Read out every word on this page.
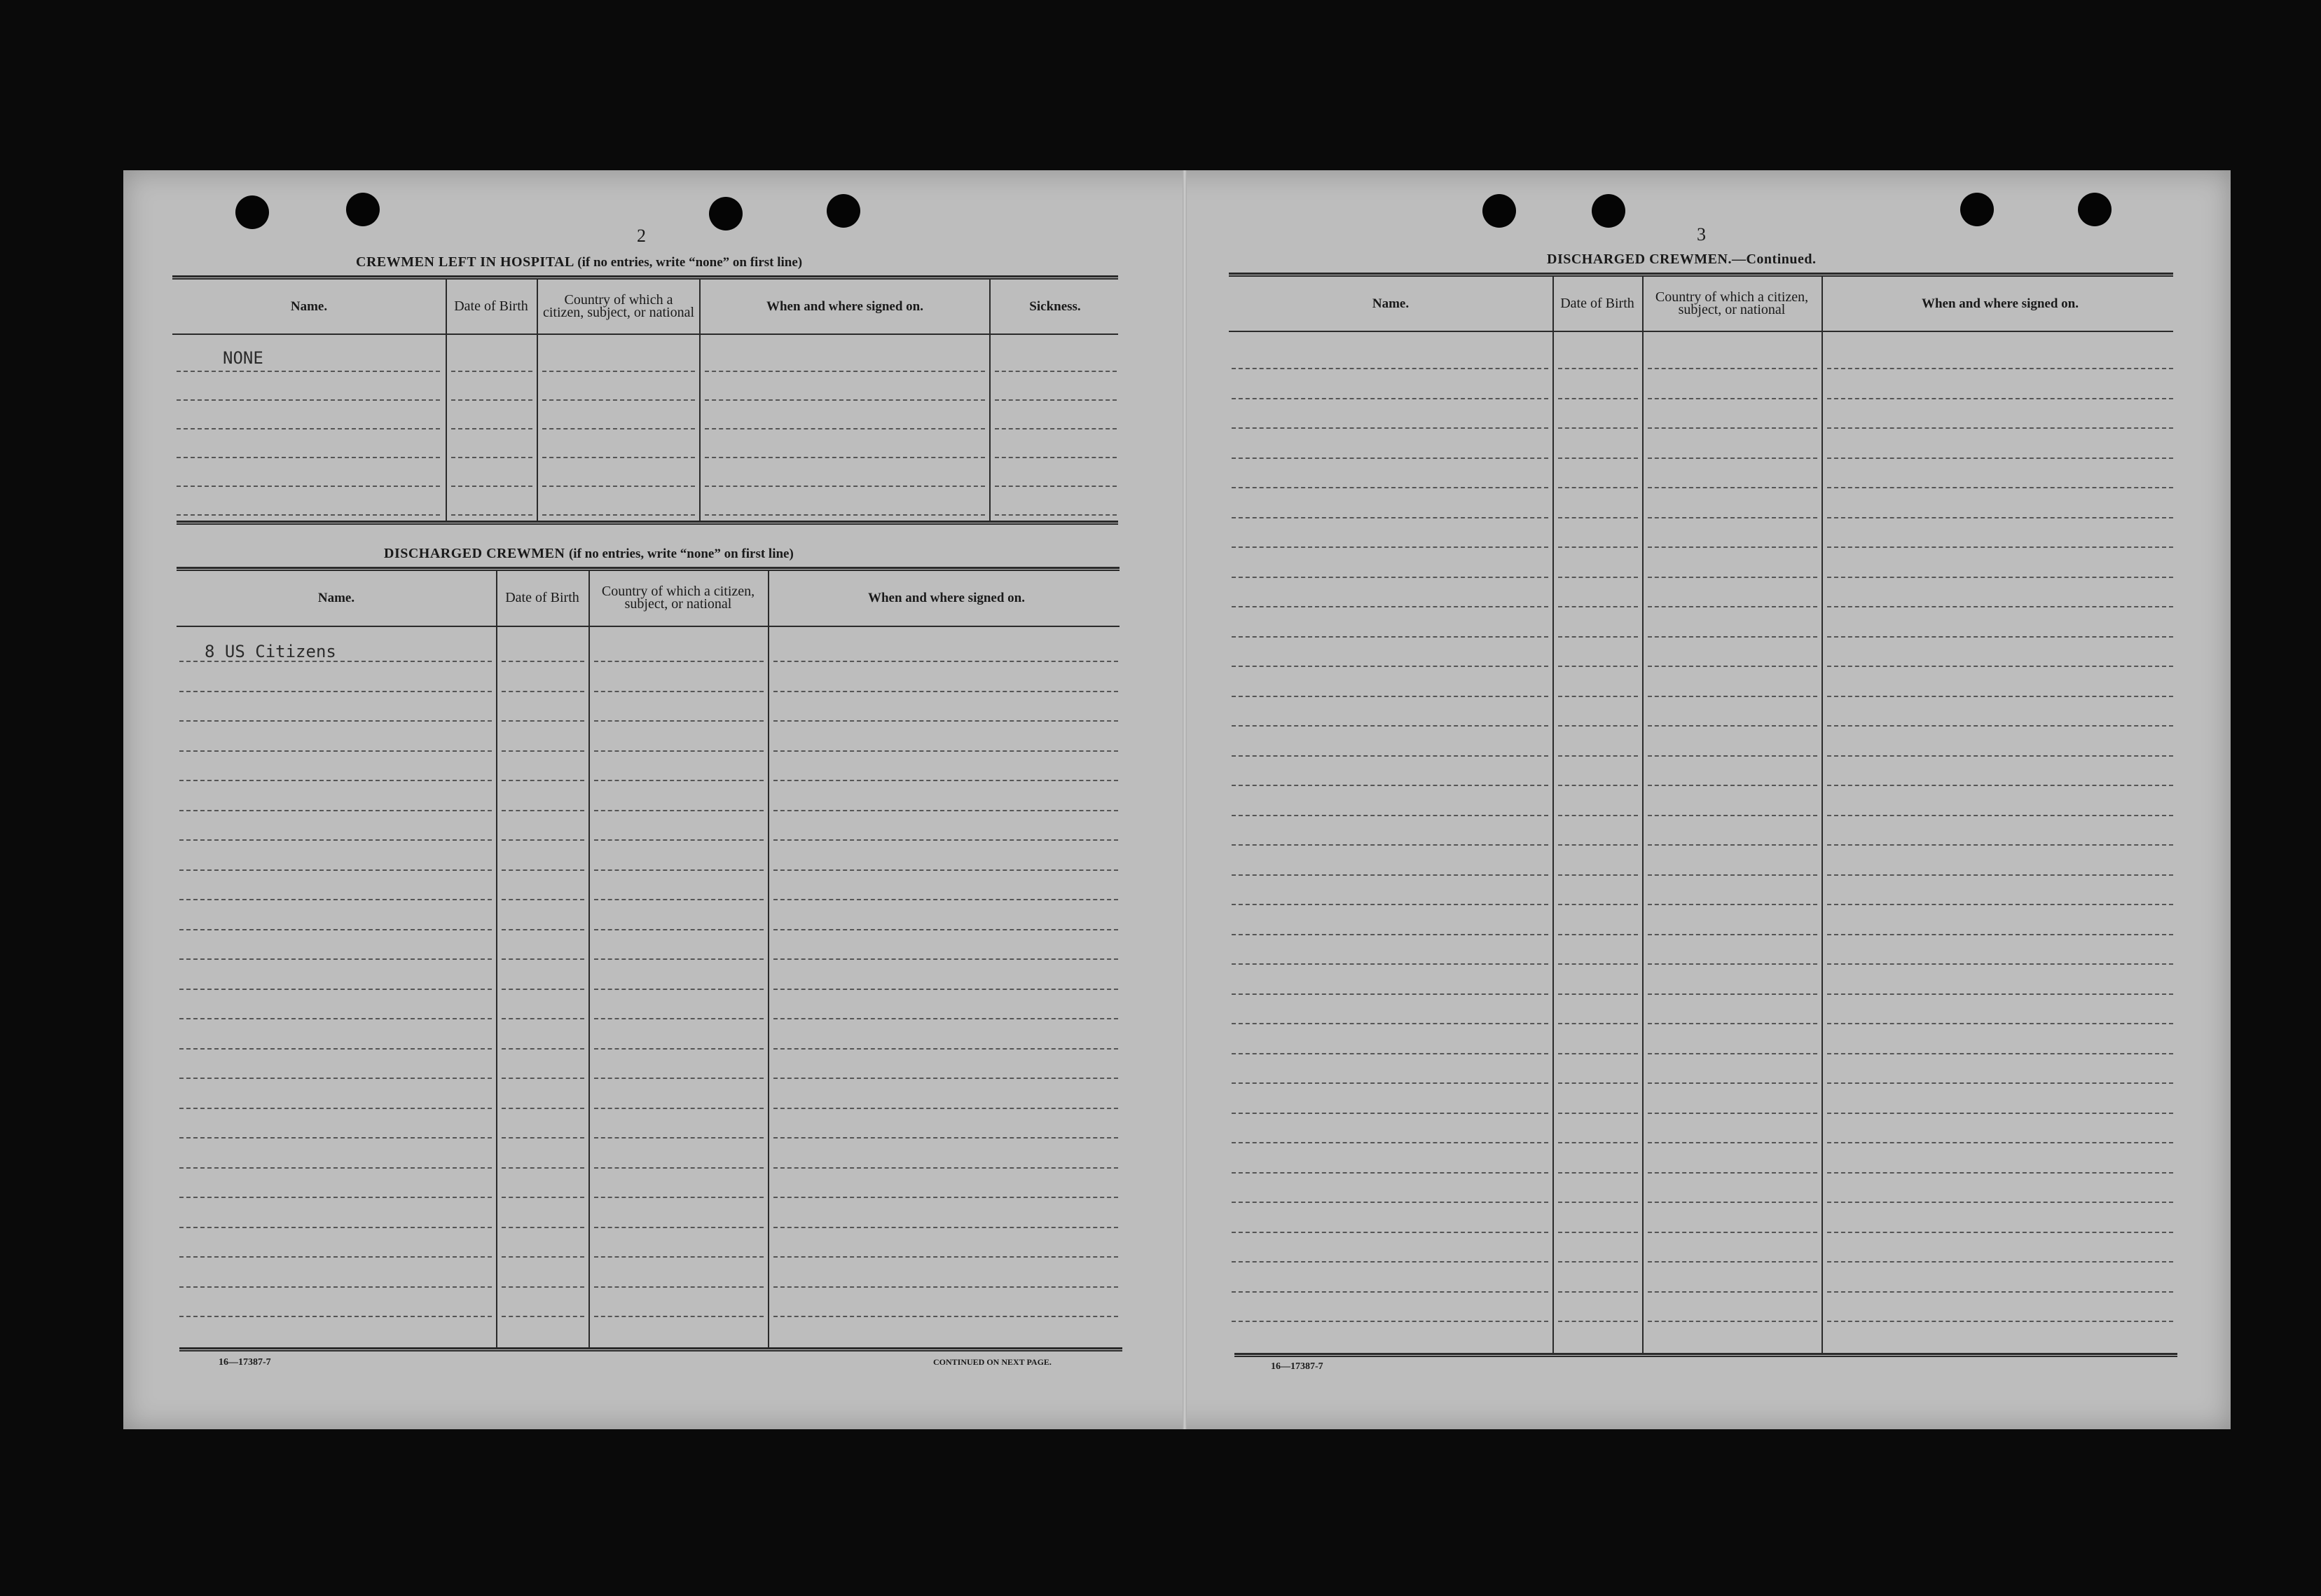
2
CREWMEN LEFT IN HOSPITAL (if no entries, write “none” on first line)
Name.	Date of Birth	Country of which a citizen, subject, or national	When and where signed on.	Sickness.
NONE
DISCHARGED CREWMEN (if no entries, write “none” on first line)
Name.	Date of Birth	Country of which a citizen, subject, or national	When and where signed on.
8 US Citizens
16—17387-7	CONTINUED ON NEXT PAGE.
3
DISCHARGED CREWMEN.—Continued.
Name.	Date of Birth	Country of which a citizen, subject, or national	When and where signed on.
16—17387-7
